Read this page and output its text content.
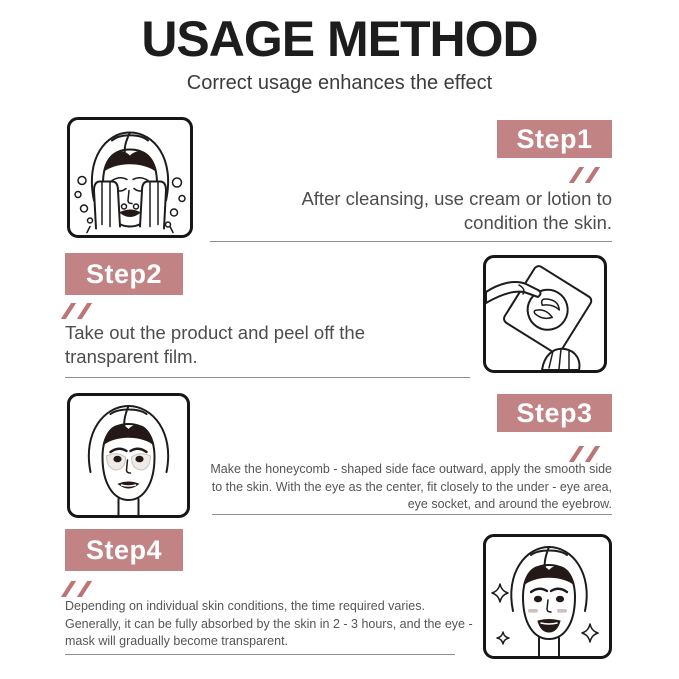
USAGE METHOD
Correct usage enhances the effect
Step1

After cleansing, use cream or lotion to condition the skin.

Step2

Take out the product and peel off the transparent film.

Step3

Make the honeycomb - shaped side face outward, apply the smooth side to the skin. With the eye as the center, fit closely to the under - eye area, eye socket, and around the eyebrow.

Step4

Depending on individual skin conditions, the time required varies. Generally, it can be fully absorbed by the skin in 2 - 3 hours, and the eye - mask will gradually become transparent.
